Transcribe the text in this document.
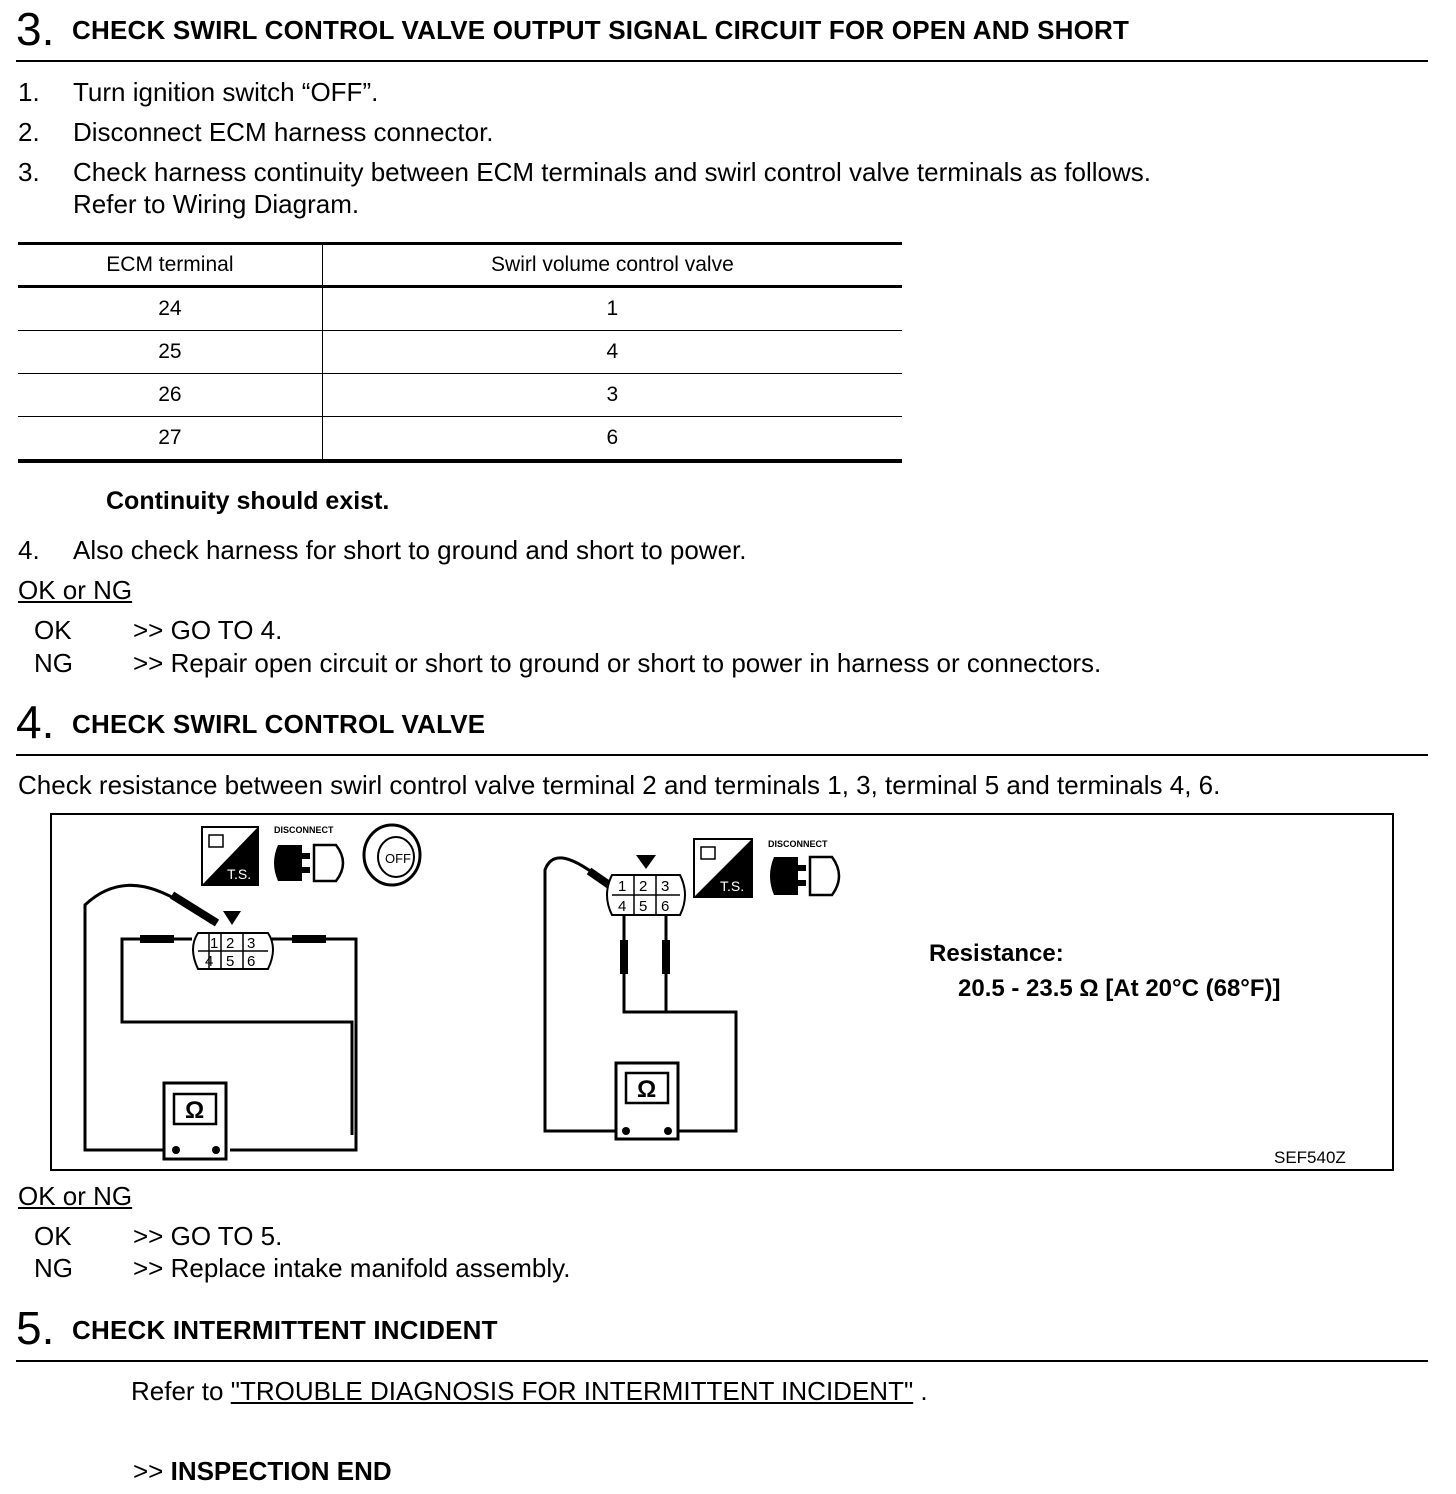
3. CHECK SWIRL CONTROL VALVE OUTPUT SIGNAL CIRCUIT FOR OPEN AND SHORT
1. Turn ignition switch “OFF”.
2. Disconnect ECM harness connector.
3. Check harness continuity between ECM terminals and swirl control valve terminals as follows.
Refer to Wiring Diagram.
ECM terminal	Swirl volume control valve
24	1
25	4
26	3
27	6
Continuity should exist.
4. Also check harness for short to ground and short to power.
OK or NG
OK >> GO TO 4.
NG >> Repair open circuit or short to ground or short to power in harness or connectors.
4. CHECK SWIRL CONTROL VALVE
Check resistance between swirl control valve terminal 2 and terminals 1, 3, terminal 5 and terminals 4, 6.
1 2 3
4 5 6
Ω
T.S.
DISCONNECT
OFF
1 2 3
4 5 6
Ω
T.S.
DISCONNECT
Resistance:
20.5 - 23.5 Ω [At 20°C (68°F)]
SEF540Z
OK or NG
OK >> GO TO 5.
NG >> Replace intake manifold assembly.
5. CHECK INTERMITTENT INCIDENT
Refer to "TROUBLE DIAGNOSIS FOR INTERMITTENT INCIDENT" .
>> INSPECTION END
